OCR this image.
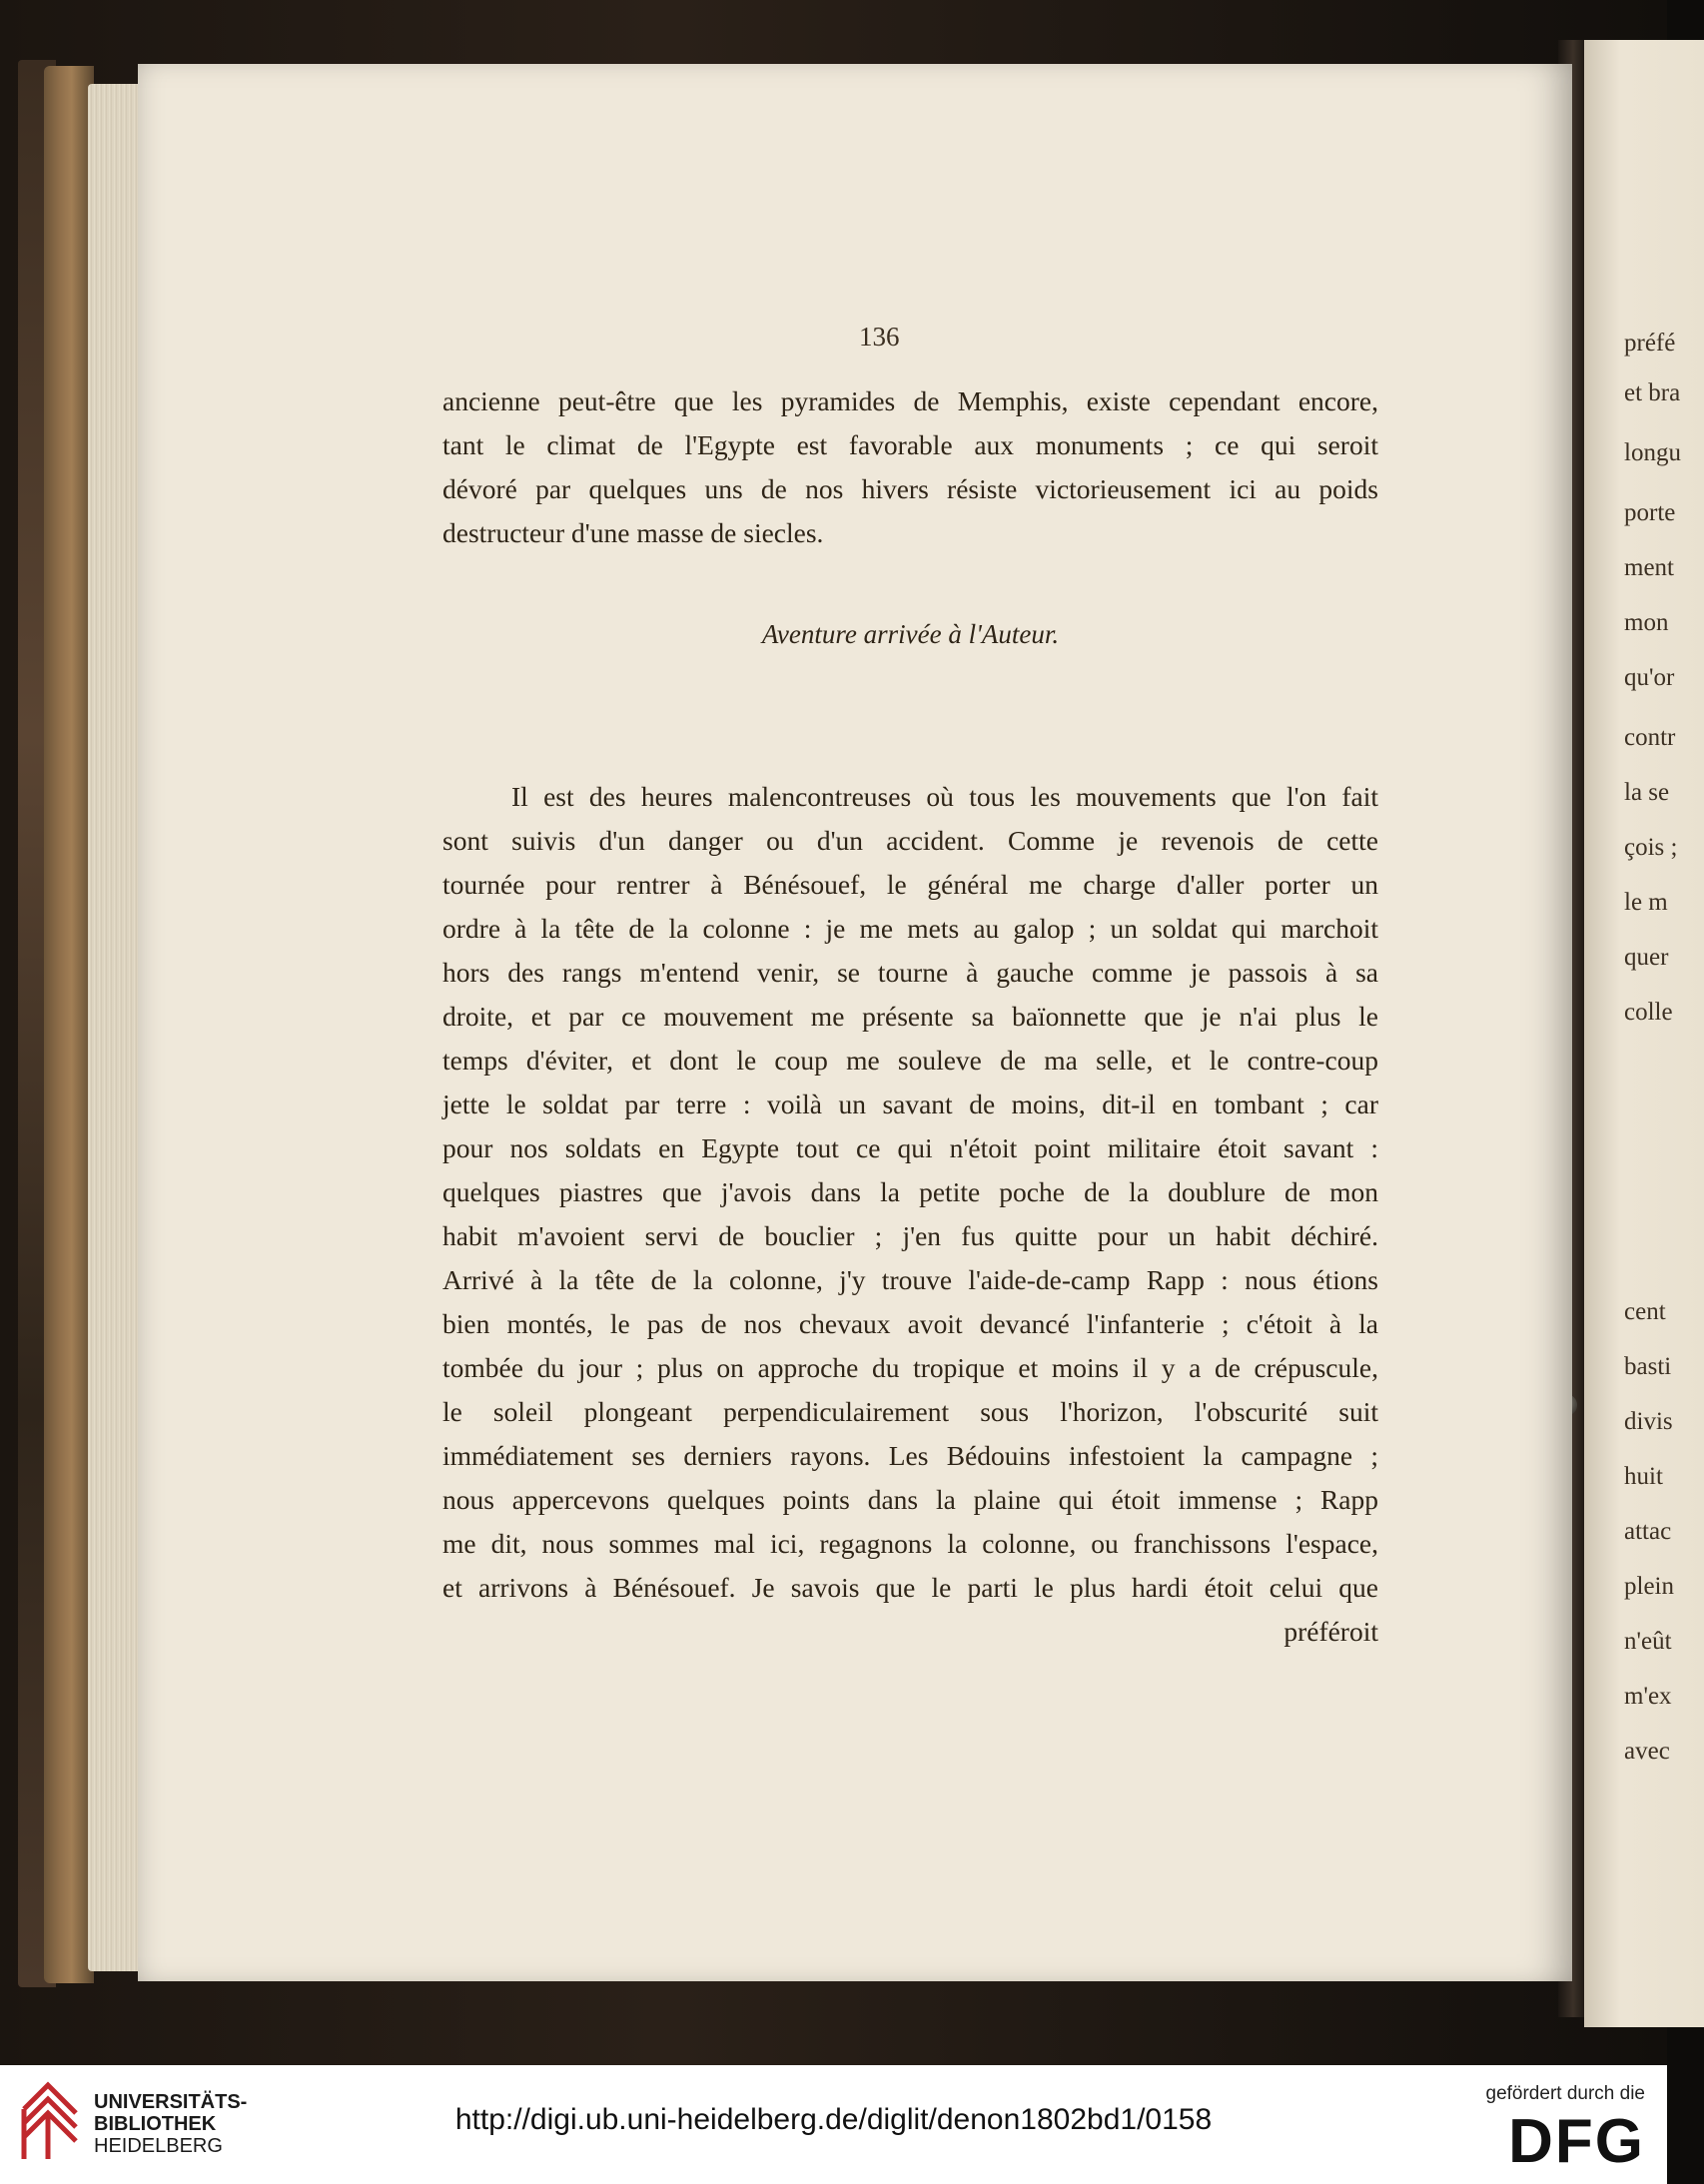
préfé
et bra
longu
porte
ment
mon
qu'or
contr
la se
çois ;
le m
quer
colle
cent
basti
divis
huit
attac
plein
n'eût
m'ex
avec
136
ancienne peut-être que les pyramides de Memphis, existe cependant encore,
tant le climat de l'Egypte est favorable aux monuments ; ce qui seroit
dévoré par quelques uns de nos hivers résiste victorieusement ici au poids
destructeur d'une masse de siecles.
Aventure arrivée à l'Auteur.
Il est des heures malencontreuses où tous les mouvements que l'on fait
sont suivis d'un danger ou d'un accident. Comme je revenois de cette
tournée pour rentrer à Bénésouef, le général me charge d'aller porter un
ordre à la tête de la colonne : je me mets au galop ; un soldat qui marchoit
hors des rangs m'entend venir, se tourne à gauche comme je passois à sa
droite, et par ce mouvement me présente sa baïonnette que je n'ai plus le
temps d'éviter, et dont le coup me souleve de ma selle, et le contre-coup
jette le soldat par terre : voilà un savant de moins, dit-il en tombant ; car
pour nos soldats en Egypte tout ce qui n'étoit point militaire étoit savant :
quelques piastres que j'avois dans la petite poche de la doublure de mon
habit m'avoient servi de bouclier ; j'en fus quitte pour un habit déchiré.
Arrivé à la tête de la colonne, j'y trouve l'aide-de-camp Rapp : nous étions
bien montés, le pas de nos chevaux avoit devancé l'infanterie ; c'étoit à la
tombée du jour ; plus on approche du tropique et moins il y a de crépuscule,
le soleil plongeant perpendiculairement sous l'horizon, l'obscurité suit
immédiatement ses derniers rayons. Les Bédouins infestoient la campagne ;
nous appercevons quelques points dans la plaine qui étoit immense ; Rapp
me dit, nous sommes mal ici, regagnons la colonne, ou franchissons l'espace,
et arrivons à Bénésouef. Je savois que le parti le plus hardi étoit celui que
préféroit
UNIVERSITÄTS-
BIBLIOTHEK
HEIDELBERG
http://digi.ub.uni-heidelberg.de/diglit/denon1802bd1/0158
gefördert durch die
DFG
